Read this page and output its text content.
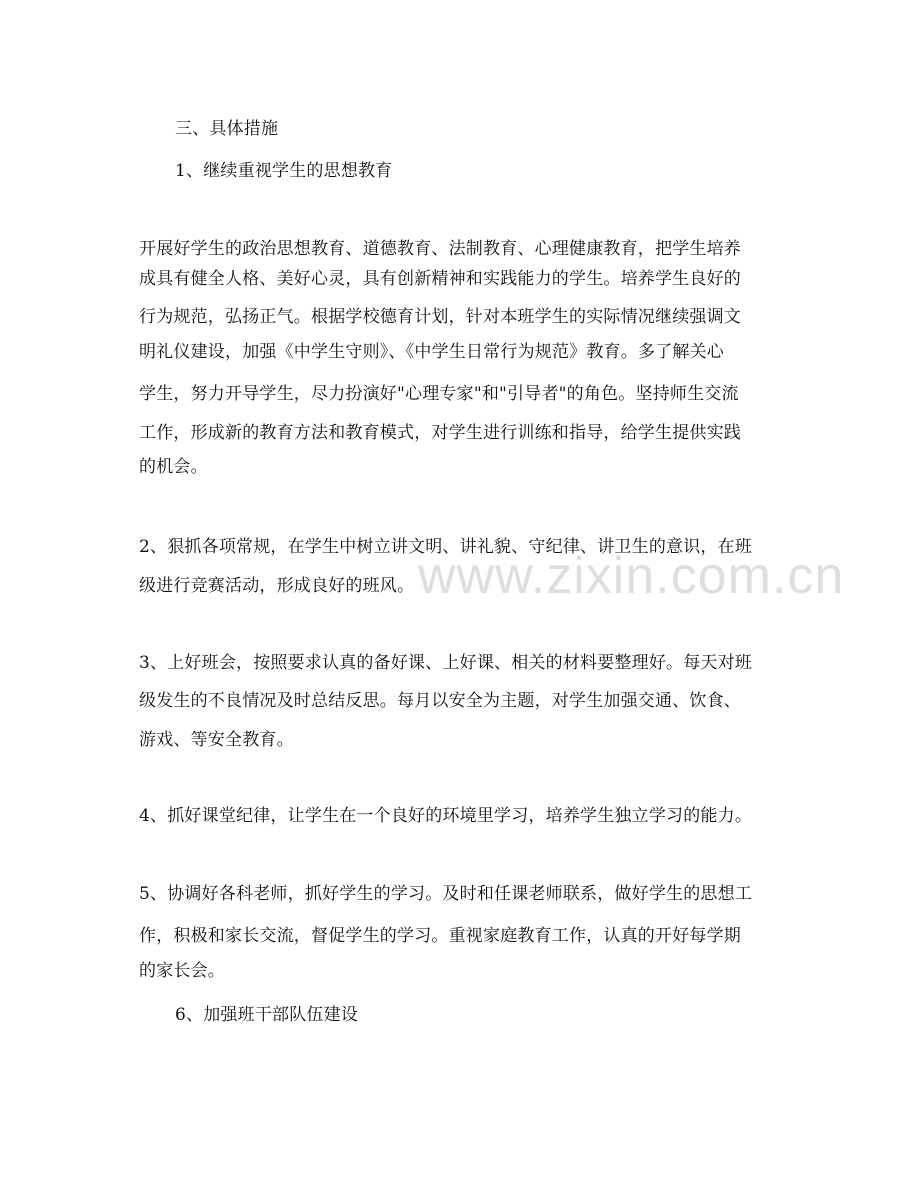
三、具体措施
1、继续重视学生的思想教育
开展好学生的政治思想教育、道德教育、法制教育、心理健康教育，把学生培养
成具有健全人格、美好心灵，具有创新精神和实践能力的学生。培养学生良好的
行为规范，弘扬正气。根据学校德育计划，针对本班学生的实际情况继续强调文
明礼仪建设，加强《中学生守则》、《中学生日常行为规范》教育。多了解关心
学生，努力开导学生，尽力扮演好"心理专家"和"引导者"的角色。坚持师生交流
工作，形成新的教育方法和教育模式，对学生进行训练和指导，给学生提供实践
的机会。
www.zixin.com.cn
2、狠抓各项常规，在学生中树立讲文明、讲礼貌、守纪律、讲卫生的意识，在班
级进行竞赛活动，形成良好的班风。
3、上好班会，按照要求认真的备好课、上好课、相关的材料要整理好。每天对班
级发生的不良情况及时总结反思。每月以安全为主题，对学生加强交通、饮食、
游戏、等安全教育。
4、抓好课堂纪律，让学生在一个良好的环境里学习，培养学生独立学习的能力。
5、协调好各科老师，抓好学生的学习。及时和任课老师联系，做好学生的思想工
作，积极和家长交流，督促学生的学习。重视家庭教育工作，认真的开好每学期
的家长会。
6、加强班干部队伍建设
